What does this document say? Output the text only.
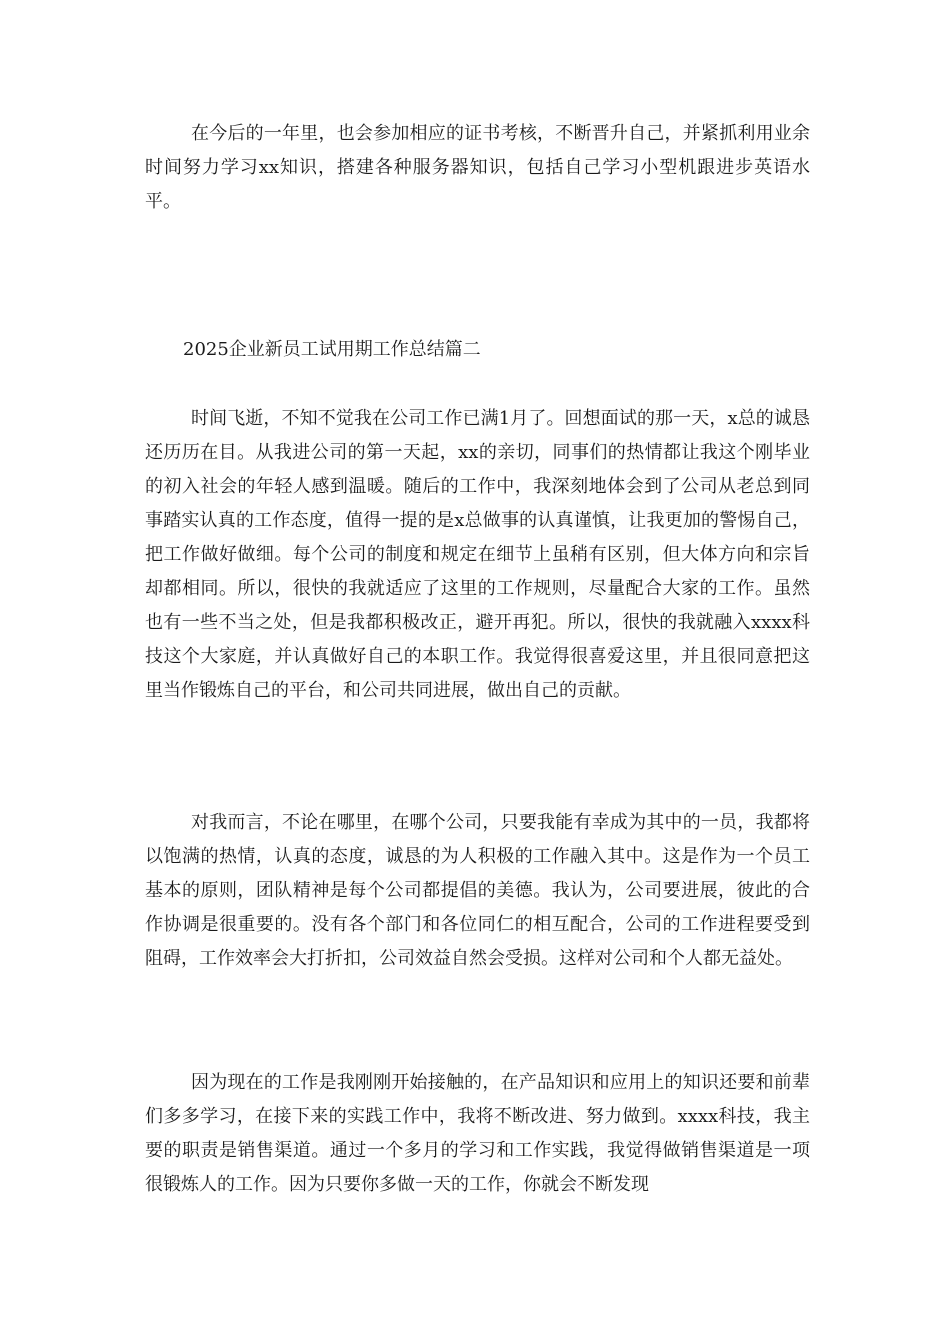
在今后的一年里，也会参加相应的证书考核，不断晋升自己，并紧抓利用业余时间努力学习xx知识，搭建各种服务器知识，包括自己学习小型机跟进步英语水平。

2025企业新员工试用期工作总结篇二

时间飞逝，不知不觉我在公司工作已满1月了。回想面试的那一天，x总的诚恳还历历在目。从我进公司的第一天起，xx的亲切，同事们的热情都让我这个刚毕业的初入社会的年轻人感到温暖。随后的工作中，我深刻地体会到了公司从老总到同事踏实认真的工作态度，值得一提的是x总做事的认真谨慎，让我更加的警惕自己，把工作做好做细。每个公司的制度和规定在细节上虽稍有区别，但大体方向和宗旨却都相同。所以，很快的我就适应了这里的工作规则，尽量配合大家的工作。虽然也有一些不当之处，但是我都积极改正，避开再犯。所以，很快的我就融入xxxx科技这个大家庭，并认真做好自己的本职工作。我觉得很喜爱这里，并且很同意把这里当作锻炼自己的平台，和公司共同进展，做出自己的贡献。

对我而言，不论在哪里，在哪个公司，只要我能有幸成为其中的一员，我都将以饱满的热情，认真的态度，诚恳的为人积极的工作融入其中。这是作为一个员工基本的原则，团队精神是每个公司都提倡的美德。我认为，公司要进展，彼此的合作协调是很重要的。没有各个部门和各位同仁的相互配合，公司的工作进程要受到阻碍，工作效率会大打折扣，公司效益自然会受损。这样对公司和个人都无益处。

因为现在的工作是我刚刚开始接触的，在产品知识和应用上的知识还要和前辈们多多学习，在接下来的实践工作中，我将不断改进、努力做到。xxxx科技，我主要的职责是销售渠道。通过一个多月的学习和工作实践，我觉得做销售渠道是一项很锻炼人的工作。因为只要你多做一天的工作，你就会不断发现
